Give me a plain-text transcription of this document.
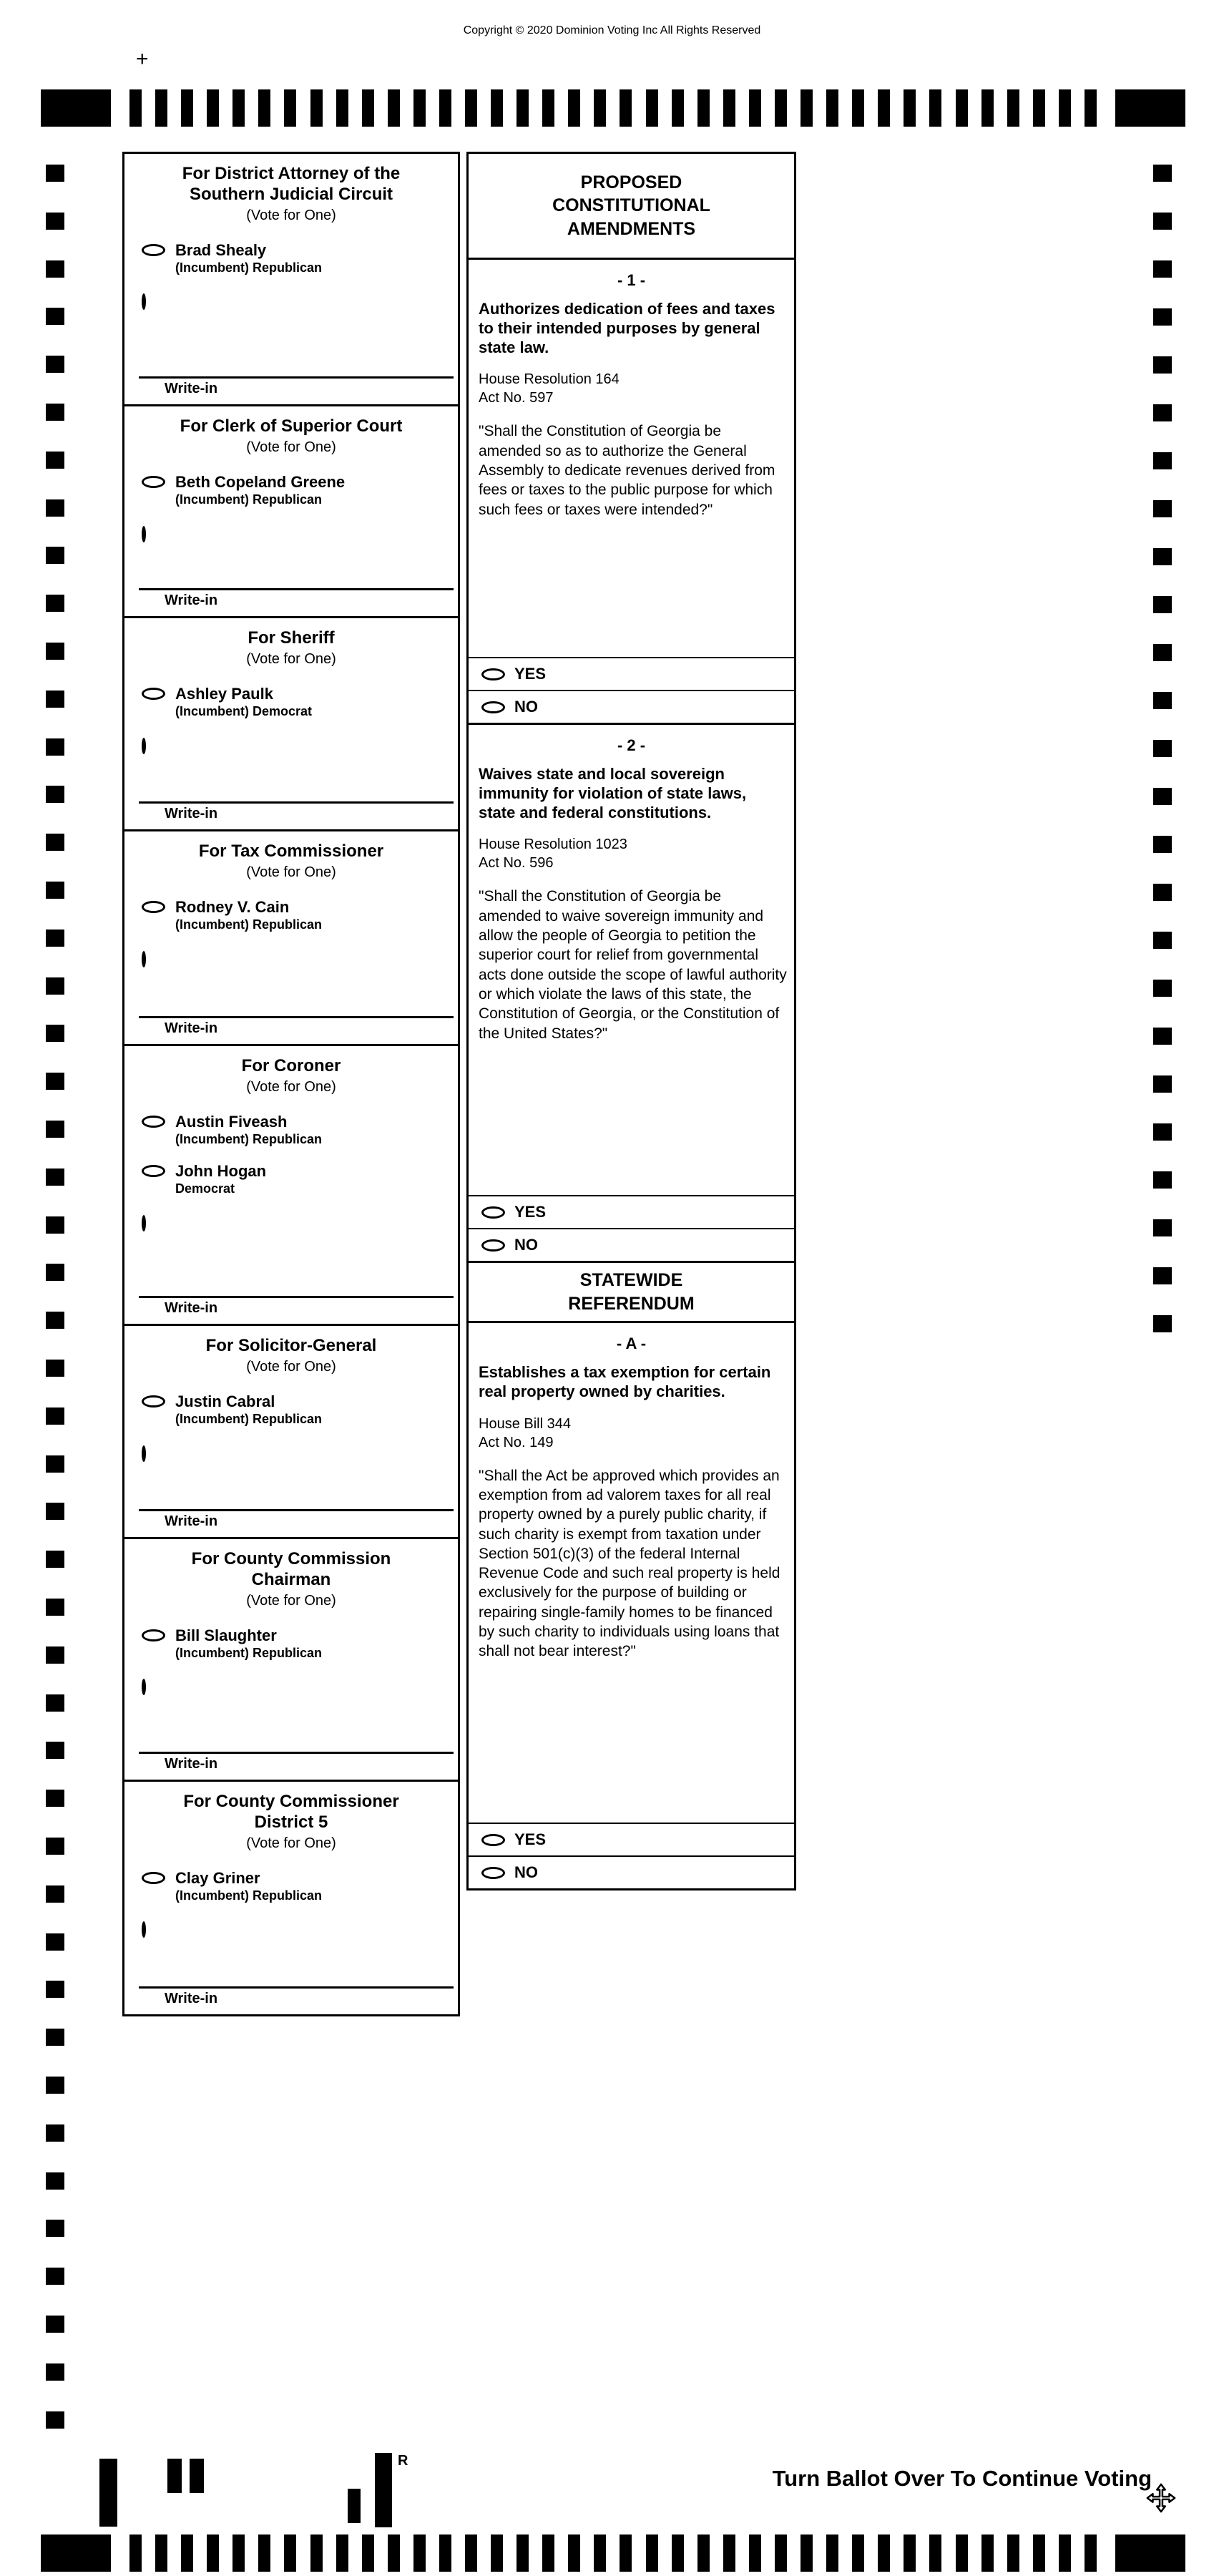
Copyright © 2020 Dominion Voting Inc All Rights Reserved
+
For District Attorney of the
Southern Judicial Circuit
(Vote for One)
Brad Shealy
(Incumbent) Republican
Write-in
For Clerk of Superior Court
(Vote for One)
Beth Copeland Greene
(Incumbent) Republican
Write-in
For Sheriff
(Vote for One)
Ashley Paulk
(Incumbent) Democrat
Write-in
For Tax Commissioner
(Vote for One)
Rodney V. Cain
(Incumbent) Republican
Write-in
For Coroner
(Vote for One)
Austin Fiveash
(Incumbent) Republican
John Hogan
Democrat
Write-in
For Solicitor-General
(Vote for One)
Justin Cabral
(Incumbent) Republican
Write-in
For County Commission
Chairman
(Vote for One)
Bill Slaughter
(Incumbent) Republican
Write-in
For County Commissioner
District 5
(Vote for One)
Clay Griner
(Incumbent) Republican
Write-in
PROPOSED
CONSTITUTIONAL
AMENDMENTS
- 1 -
Authorizes dedication of fees and taxes to their intended purposes by general state law.
House Resolution 164
Act No. 597
"Shall the Constitution of Georgia be amended so as to authorize the General Assembly to dedicate revenues derived from fees or taxes to the public purpose for which such fees or taxes were intended?"
YES
NO
- 2 -
Waives state and local sovereign immunity for violation of state laws, state and federal constitutions.
House Resolution 1023
Act No. 596
"Shall the Constitution of Georgia be amended to waive sovereign immunity and allow the people of Georgia to petition the superior court for relief from governmental acts done outside the scope of lawful authority or which violate the laws of this state, the Constitution of Georgia, or the Constitution of the United States?"
YES
NO
STATEWIDE
REFERENDUM
- A -
Establishes a tax exemption for certain real property owned by charities.
House Bill 344
Act No. 149
"Shall the Act be approved which provides an exemption from ad valorem taxes for all real property owned by a purely public charity, if such charity is exempt from taxation under Section 501(c)(3) of the federal Internal Revenue Code and such real property is held exclusively for the purpose of building or repairing single-family homes to be financed by such charity to individuals using loans that shall not bear interest?"
YES
NO
R
Turn Ballot Over To Continue Voting
